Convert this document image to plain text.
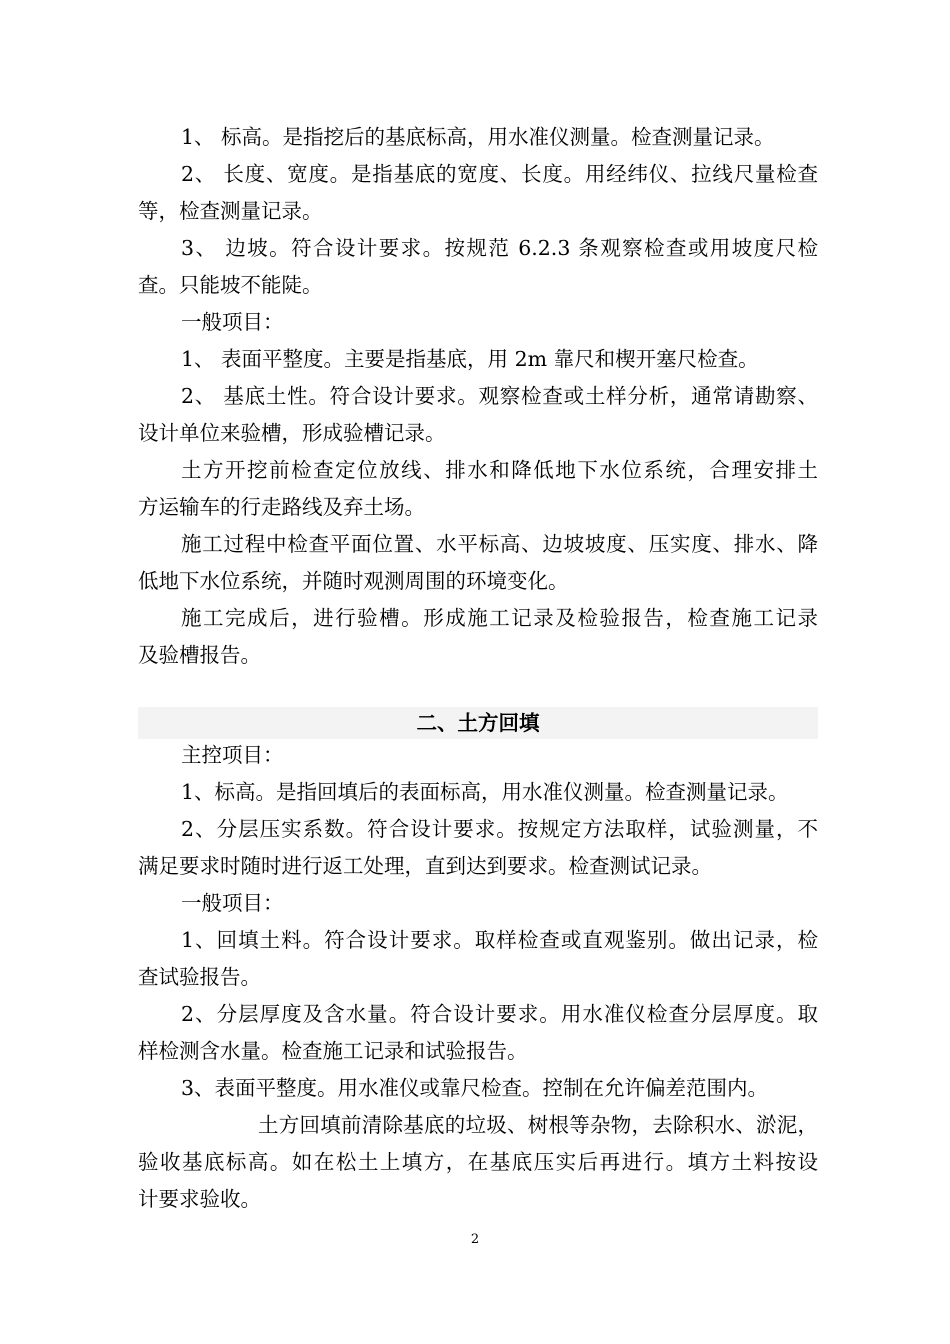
1、 标高。是指挖后的基底标高，用水准仪测量。检查测量记录。
2、 长度、宽度。是指基底的宽度、长度。用经纬仪、拉线尺量检查
等，检查测量记录。
3、 边坡。符合设计要求。按规范 6.2.3 条观察检查或用坡度尺检
查。只能坡不能陡。
一般项目：
1、 表面平整度。主要是指基底，用 2m 靠尺和楔开塞尺检查。
2、 基底土性。符合设计要求。观察检查或土样分析，通常请勘察、
设计单位来验槽，形成验槽记录。
土方开挖前检查定位放线、排水和降低地下水位系统，合理安排土
方运输车的行走路线及弃土场。
施工过程中检查平面位置、水平标高、边坡坡度、压实度、排水、降
低地下水位系统，并随时观测周围的环境变化。
施工完成后，进行验槽。形成施工记录及检验报告，检查施工记录
及验槽报告。
二、土方回填
主控项目：
1、标高。是指回填后的表面标高，用水准仪测量。检查测量记录。
2、分层压实系数。符合设计要求。按规定方法取样，试验测量，不
满足要求时随时进行返工处理，直到达到要求。检查测试记录。
一般项目：
1、回填土料。符合设计要求。取样检查或直观鉴别。做出记录，检
查试验报告。
2、分层厚度及含水量。符合设计要求。用水准仪检查分层厚度。取
样检测含水量。检查施工记录和试验报告。
3、表面平整度。用水准仪或靠尺检查。控制在允许偏差范围内。
土方回填前清除基底的垃圾、树根等杂物，去除积水、淤泥，
验收基底标高。如在松土上填方，在基底压实后再进行。填方土料按设
计要求验收。
2
